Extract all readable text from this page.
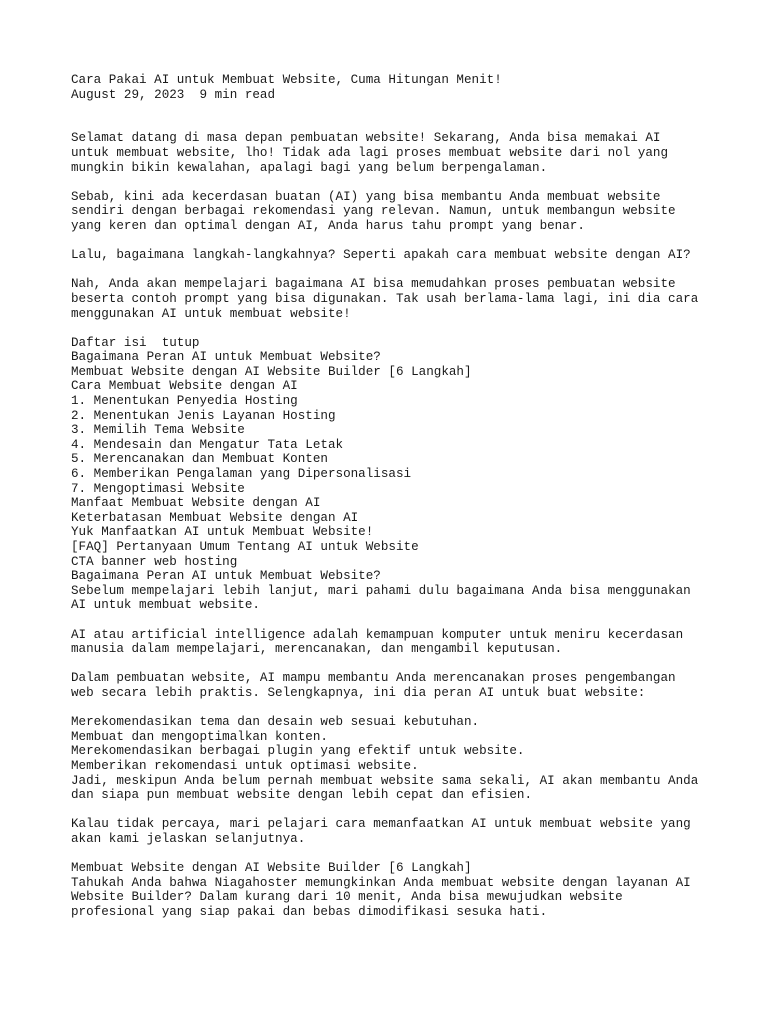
Cara Pakai AI untuk Membuat Website, Cuma Hitungan Menit!
August 29, 2023  9 min read

Selamat datang di masa depan pembuatan website! Sekarang, Anda bisa memakai AI
untuk membuat website, lho! Tidak ada lagi proses membuat website dari nol yang
mungkin bikin kewalahan, apalagi bagi yang belum berpengalaman.

Sebab, kini ada kecerdasan buatan (AI) yang bisa membantu Anda membuat website
sendiri dengan berbagai rekomendasi yang relevan. Namun, untuk membangun website
yang keren dan optimal dengan AI, Anda harus tahu prompt yang benar.

Lalu, bagaimana langkah-langkahnya? Seperti apakah cara membuat website dengan AI?

Nah, Anda akan mempelajari bagaimana AI bisa memudahkan proses pembuatan website
beserta contoh prompt yang bisa digunakan. Tak usah berlama-lama lagi, ini dia cara
menggunakan AI untuk membuat website!

Daftar isi  tutup
Bagaimana Peran AI untuk Membuat Website?
Membuat Website dengan AI Website Builder [6 Langkah]
Cara Membuat Website dengan AI
1. Menentukan Penyedia Hosting
2. Menentukan Jenis Layanan Hosting
3. Memilih Tema Website
4. Mendesain dan Mengatur Tata Letak
5. Merencanakan dan Membuat Konten
6. Memberikan Pengalaman yang Dipersonalisasi
7. Mengoptimasi Website
Manfaat Membuat Website dengan AI
Keterbatasan Membuat Website dengan AI
Yuk Manfaatkan AI untuk Membuat Website!
[FAQ] Pertanyaan Umum Tentang AI untuk Website
CTA banner web hosting
Bagaimana Peran AI untuk Membuat Website?

Sebelum mempelajari lebih lanjut, mari pahami dulu bagaimana Anda bisa menggunakan
AI untuk membuat website.

AI atau artificial intelligence adalah kemampuan komputer untuk meniru kecerdasan
manusia dalam mempelajari, merencanakan, dan mengambil keputusan.

Dalam pembuatan website, AI mampu membantu Anda merencanakan proses pengembangan
web secara lebih praktis. Selengkapnya, ini dia peran AI untuk buat website:

Merekomendasikan tema dan desain web sesuai kebutuhan.
Membuat dan mengoptimalkan konten.
Merekomendasikan berbagai plugin yang efektif untuk website.
Memberikan rekomendasi untuk optimasi website.

Jadi, meskipun Anda belum pernah membuat website sama sekali, AI akan membantu Anda
dan siapa pun membuat website dengan lebih cepat dan efisien.

Kalau tidak percaya, mari pelajari cara memanfaatkan AI untuk membuat website yang
akan kami jelaskan selanjutnya.

Membuat Website dengan AI Website Builder [6 Langkah]

Tahukah Anda bahwa Niagahoster memungkinkan Anda membuat website dengan layanan AI
Website Builder? Dalam kurang dari 10 menit, Anda bisa mewujudkan website
profesional yang siap pakai dan bebas dimodifikasi sesuka hati.
